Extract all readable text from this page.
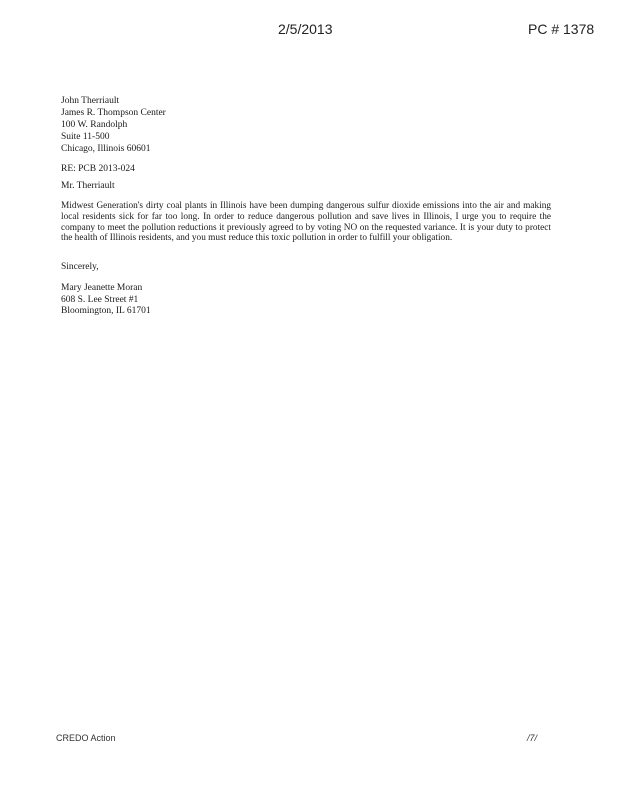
2/5/2013	PC # 1378
John Therriault
James R. Thompson Center
100 W. Randolph
Suite 11-500
Chicago, Illinois 60601
RE: PCB 2013-024
Mr. Therriault
Midwest Generation's dirty coal plants in Illinois have been dumping dangerous sulfur dioxide emissions into the air and making local residents sick for far too long. In order to reduce dangerous pollution and save lives in Illinois, I urge you to require the company to meet the pollution reductions it previously agreed to by voting NO on the requested variance. It is your duty to protect the health of Illinois residents, and you must reduce this toxic pollution in order to fulfill your obligation.
Sincerely,
Mary Jeanette Moran
608 S. Lee Street #1
Bloomington, IL 61701
CREDO Action	/7/
